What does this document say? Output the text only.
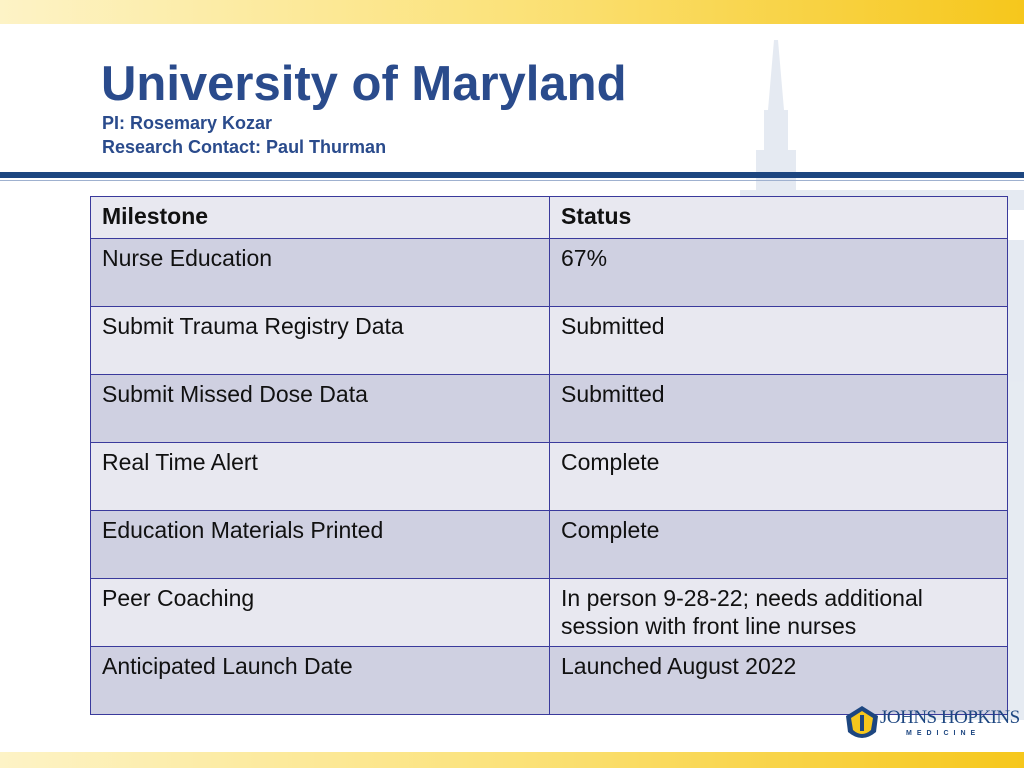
University of Maryland

PI: Rosemary Kozar

Research Contact: Paul Thurman

Milestone	Status
Nurse Education	67%
Submit Trauma Registry Data	Submitted
Submit Missed Dose Data	Submitted
Real Time Alert	Complete
Education Materials Printed	Complete
Peer Coaching	In person 9-28-22; needs additional session with front line nurses
Anticipated Launch Date	Launched August 2022

JOHNS HOPKINS

MEDICINE
